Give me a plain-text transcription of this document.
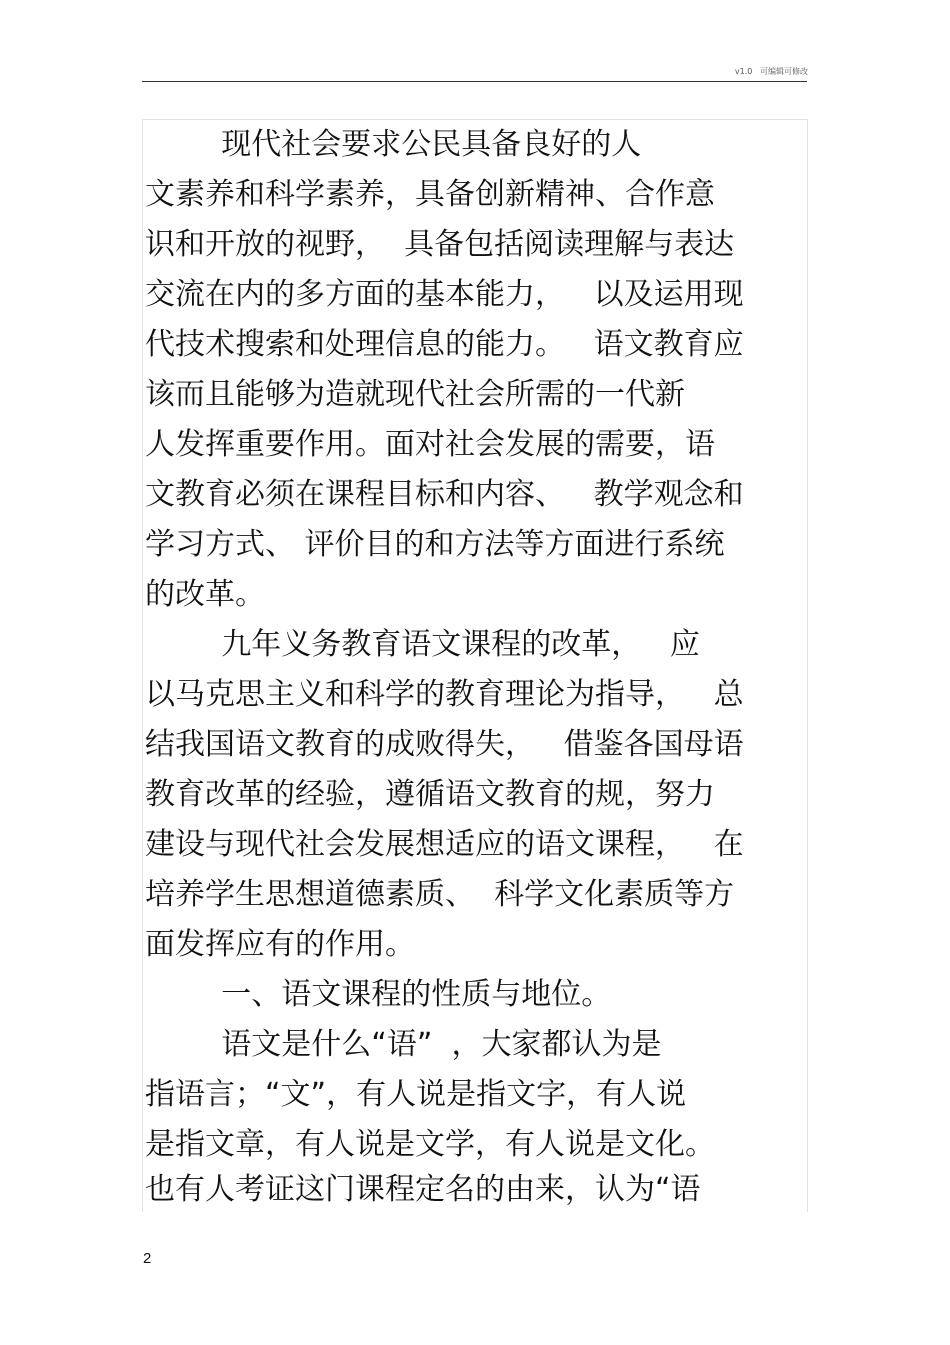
v1.0 可编辑可修改
现代社会要求公民具备良好的人
文素养和科学素养，具备创新精神、合作意
识和开放的视野，  具备包括阅读理解与表达
交流在内的多方面的基本能力，   以及运用现
代技术搜索和处理信息的能力。   语文教育应
该而且能够为造就现代社会所需的一代新
人发挥重要作用。面对社会发展的需要，语
文教育必须在课程目标和内容、   教学观念和
学习方式、 评价目的和方法等方面进行系统
的改革。
九年义务教育语文课程的改革，   应
以马克思主义和科学的教育理论为指导，   总
结我国语文教育的成败得失，   借鉴各国母语
教育改革的经验，遵循语文教育的规，努力
建设与现代社会发展想适应的语文课程，   在
培养学生思想道德素质、  科学文化素质等方
面发挥应有的作用。
一、语文课程的性质与地位。
语文是什么“语”  ，大家都认为是
指语言；“文”，有人说是指文字，有人说
是指文章，有人说是文学，有人说是文化。
也有人考证这门课程定名的由来，认为“语
2
